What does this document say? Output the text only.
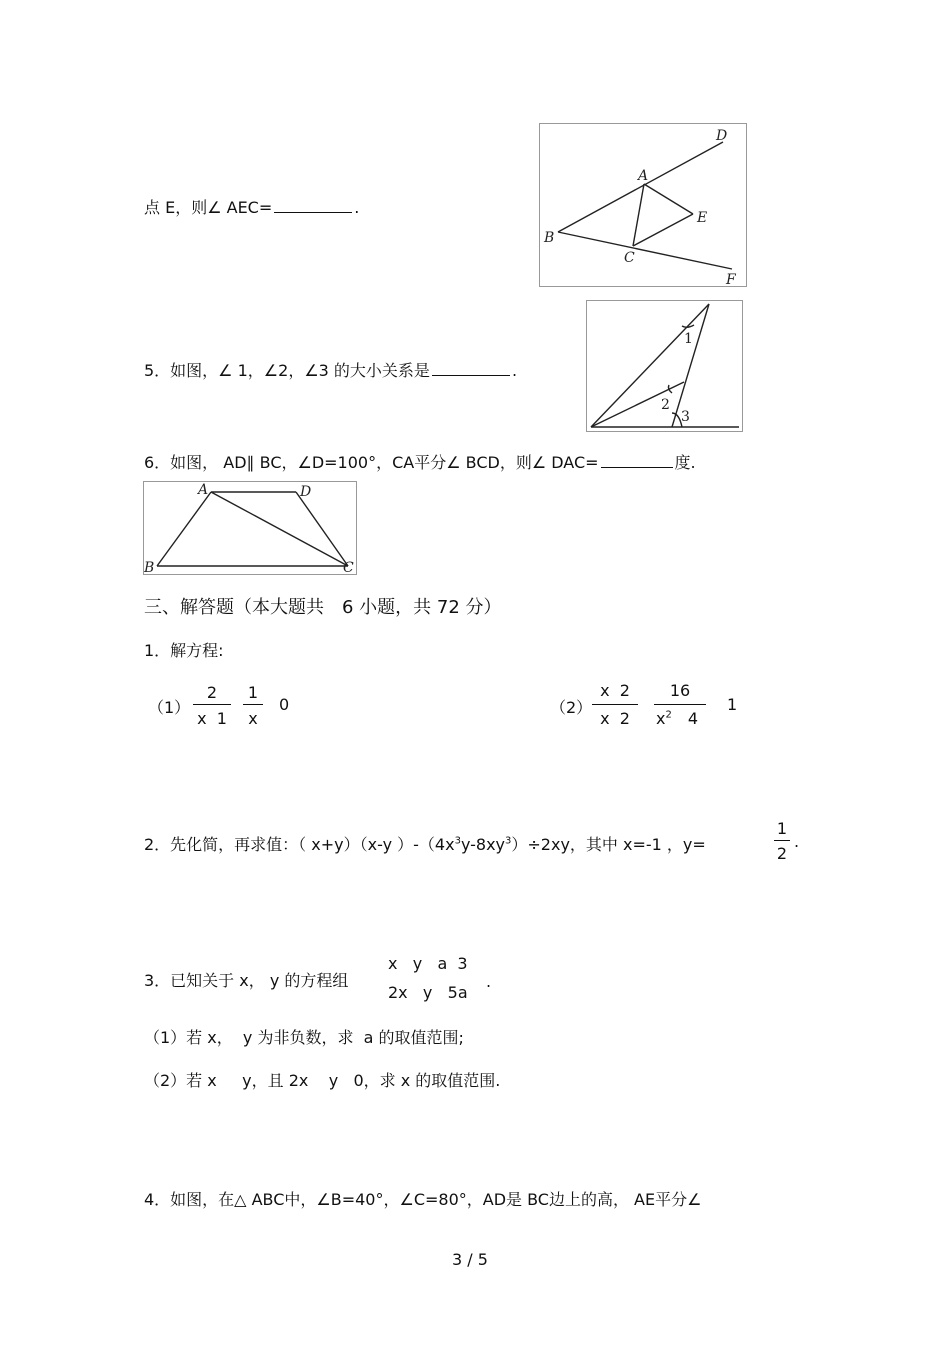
点 E，则∠ AEC=	.
D
A
E
B
C
F
5．如图，∠ 1，∠2，∠3 的大小关系是	.
1
2
3
6．如图， AD∥ BC，∠D=100°，CA平分∠ BCD，则∠ DAC=	度.
A	D
B	C
三、解答题（本大题共　6 小题，共 72 分）
1．解方程:
（1）
2
x  1
1
x
0	（2）
x  2
x  2
16
$x^2$ 4
1
2．先化简，再求值：（ x+y）（x-y ）$-(4x^3y-8xy^3)\div 2xy$，其中 x=-1 ，y=
1
2
.
3．已知关于 x， y 的方程组
x   y   a  3
2x   y   5a
.
（1）若 x，  y 为非负数，求  a 的取值范围;
（2）若 x     y，且 2x    y   0，求 x 的取值范围.
4．如图，在△ ABC中，∠B=40°，∠C=80°，AD是 BC边上的高， AE平分∠
3 / 5
